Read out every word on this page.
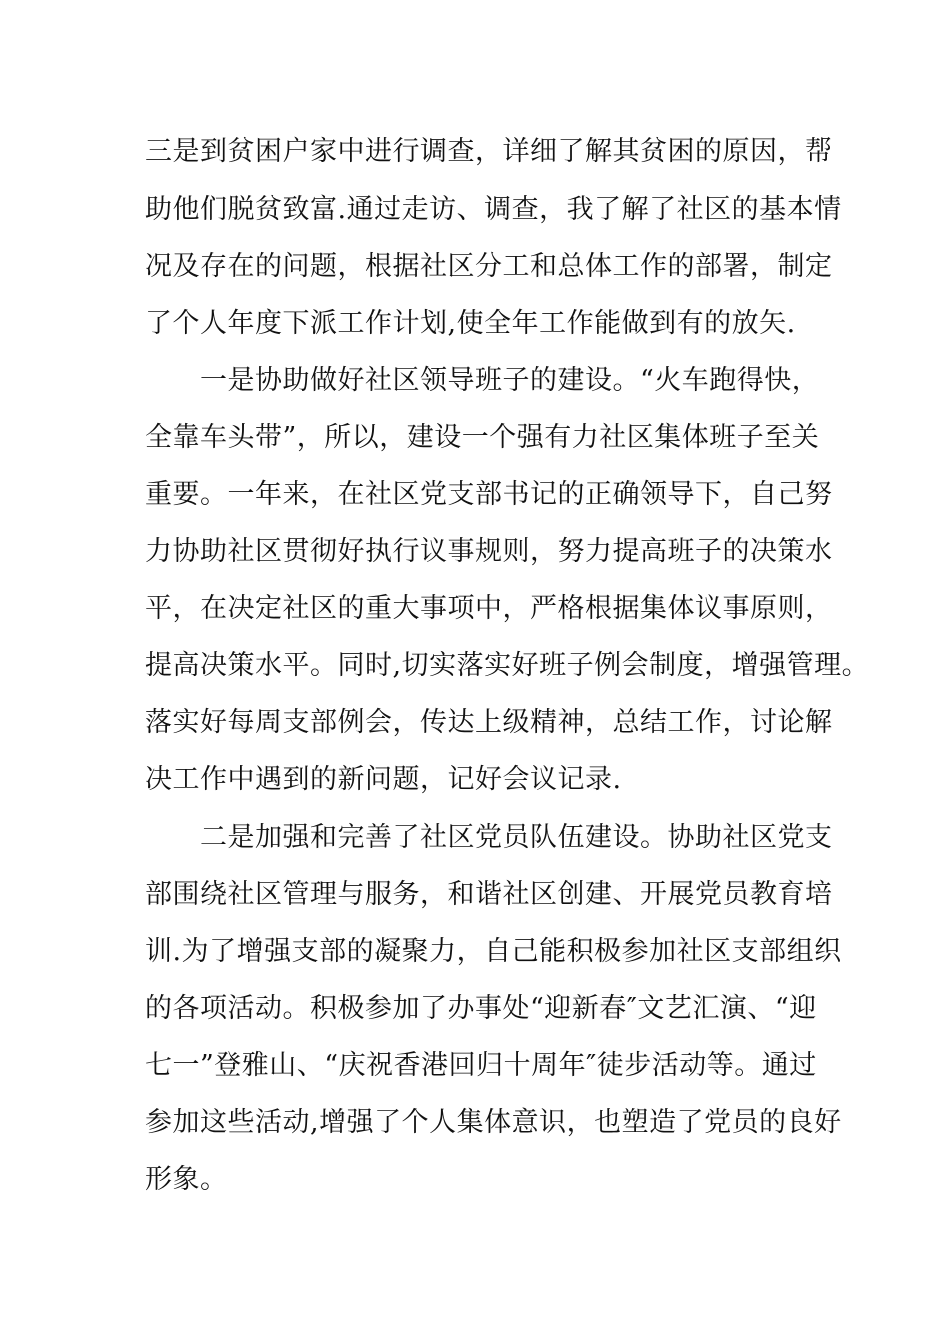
三是到贫困户家中进行调查，详细了解其贫困的原因，帮

助他们脱贫致富.通过走访、调查，我了解了社区的基本情

况及存在的问题，根据社区分工和总体工作的部署，制定

了个人年度下派工作计划,使全年工作能做到有的放矢.

一是协助做好社区领导班子的建设。“火车跑得快，

全靠车头带”，所以，建设一个强有力社区集体班子至关

重要。一年来，在社区党支部书记的正确领导下，自己努

力协助社区贯彻好执行议事规则，努力提高班子的决策水

平，在决定社区的重大事项中，严格根据集体议事原则，

提高决策水平。同时,切实落实好班子例会制度，增强管理。

落实好每周支部例会，传达上级精神，总结工作，讨论解

决工作中遇到的新问题，记好会议记录.

二是加强和完善了社区党员队伍建设。协助社区党支

部围绕社区管理与服务，和谐社区创建、开展党员教育培

训.为了增强支部的凝聚力，自己能积极参加社区支部组织

的各项活动。积极参加了办事处“迎新春″文艺汇演、“迎

七一”登雅山、“庆祝香港回归十周年″徒步活动等。通过

参加这些活动,增强了个人集体意识，也塑造了党员的良好

形象。
